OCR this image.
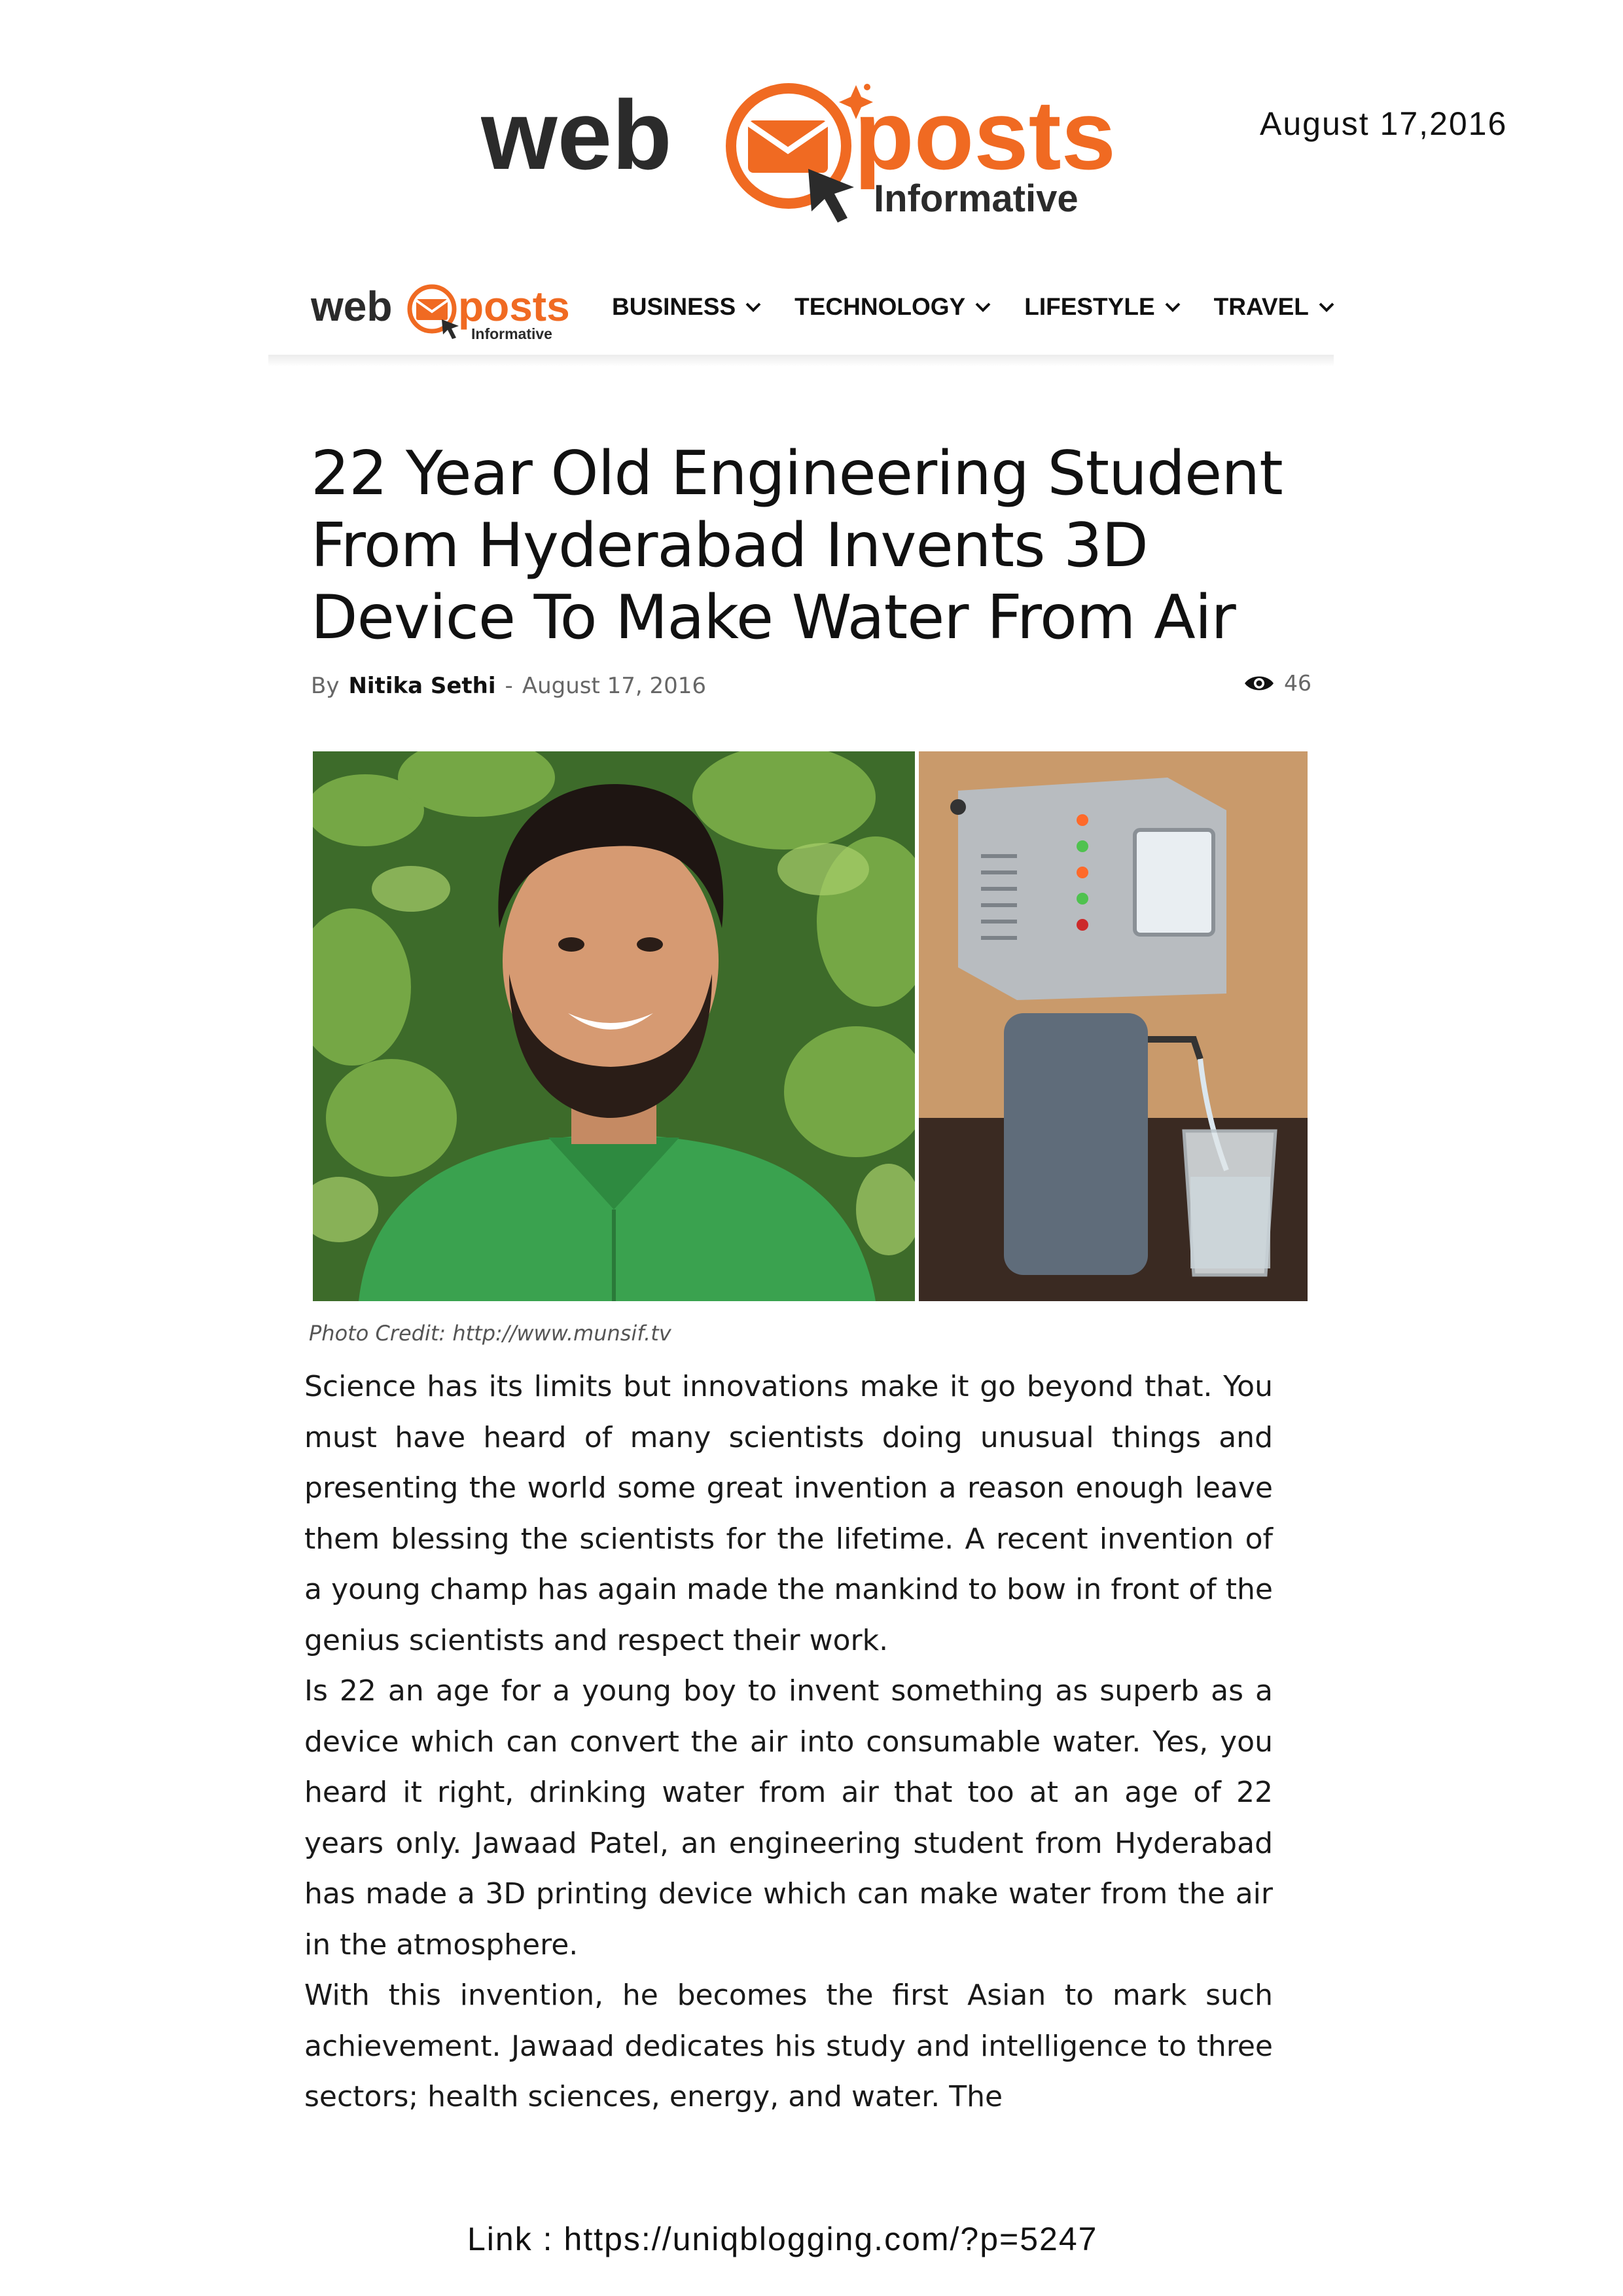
web posts
Informative
August 17,2016
web posts
Informative
BUSINESS TECHNOLOGY LIFESTYLE TRAVEL
22 Year Old Engineering Student
From Hyderabad Invents 3D
Device To Make Water From Air
By Nitika Sethi - August 17, 2016	46
Photo Credit: http://www.munsif.tv

Science has its limits but innovations make it go beyond that. You must have heard of many scientists doing unusual things and presenting the world some great invention a reason enough leave them blessing the scientists for the lifetime. A recent invention of a young champ has again made the mankind to bow in front of the genius scientists and respect their work.

Is 22 an age for a young boy to invent something as superb as a device which can convert the air into consumable water. Yes, you heard it right, drinking water from air that too at an age of 22 years only. Jawaad Patel, an engineering student from Hyderabad has made a 3D printing device which can make water from the air in the atmosphere.

With this invention, he becomes the first Asian to mark such achievement. Jawaad dedicates his study and intelligence to three sectors; health sciences, energy, and water. The

Link : https://uniqblogging.com/?p=5247
